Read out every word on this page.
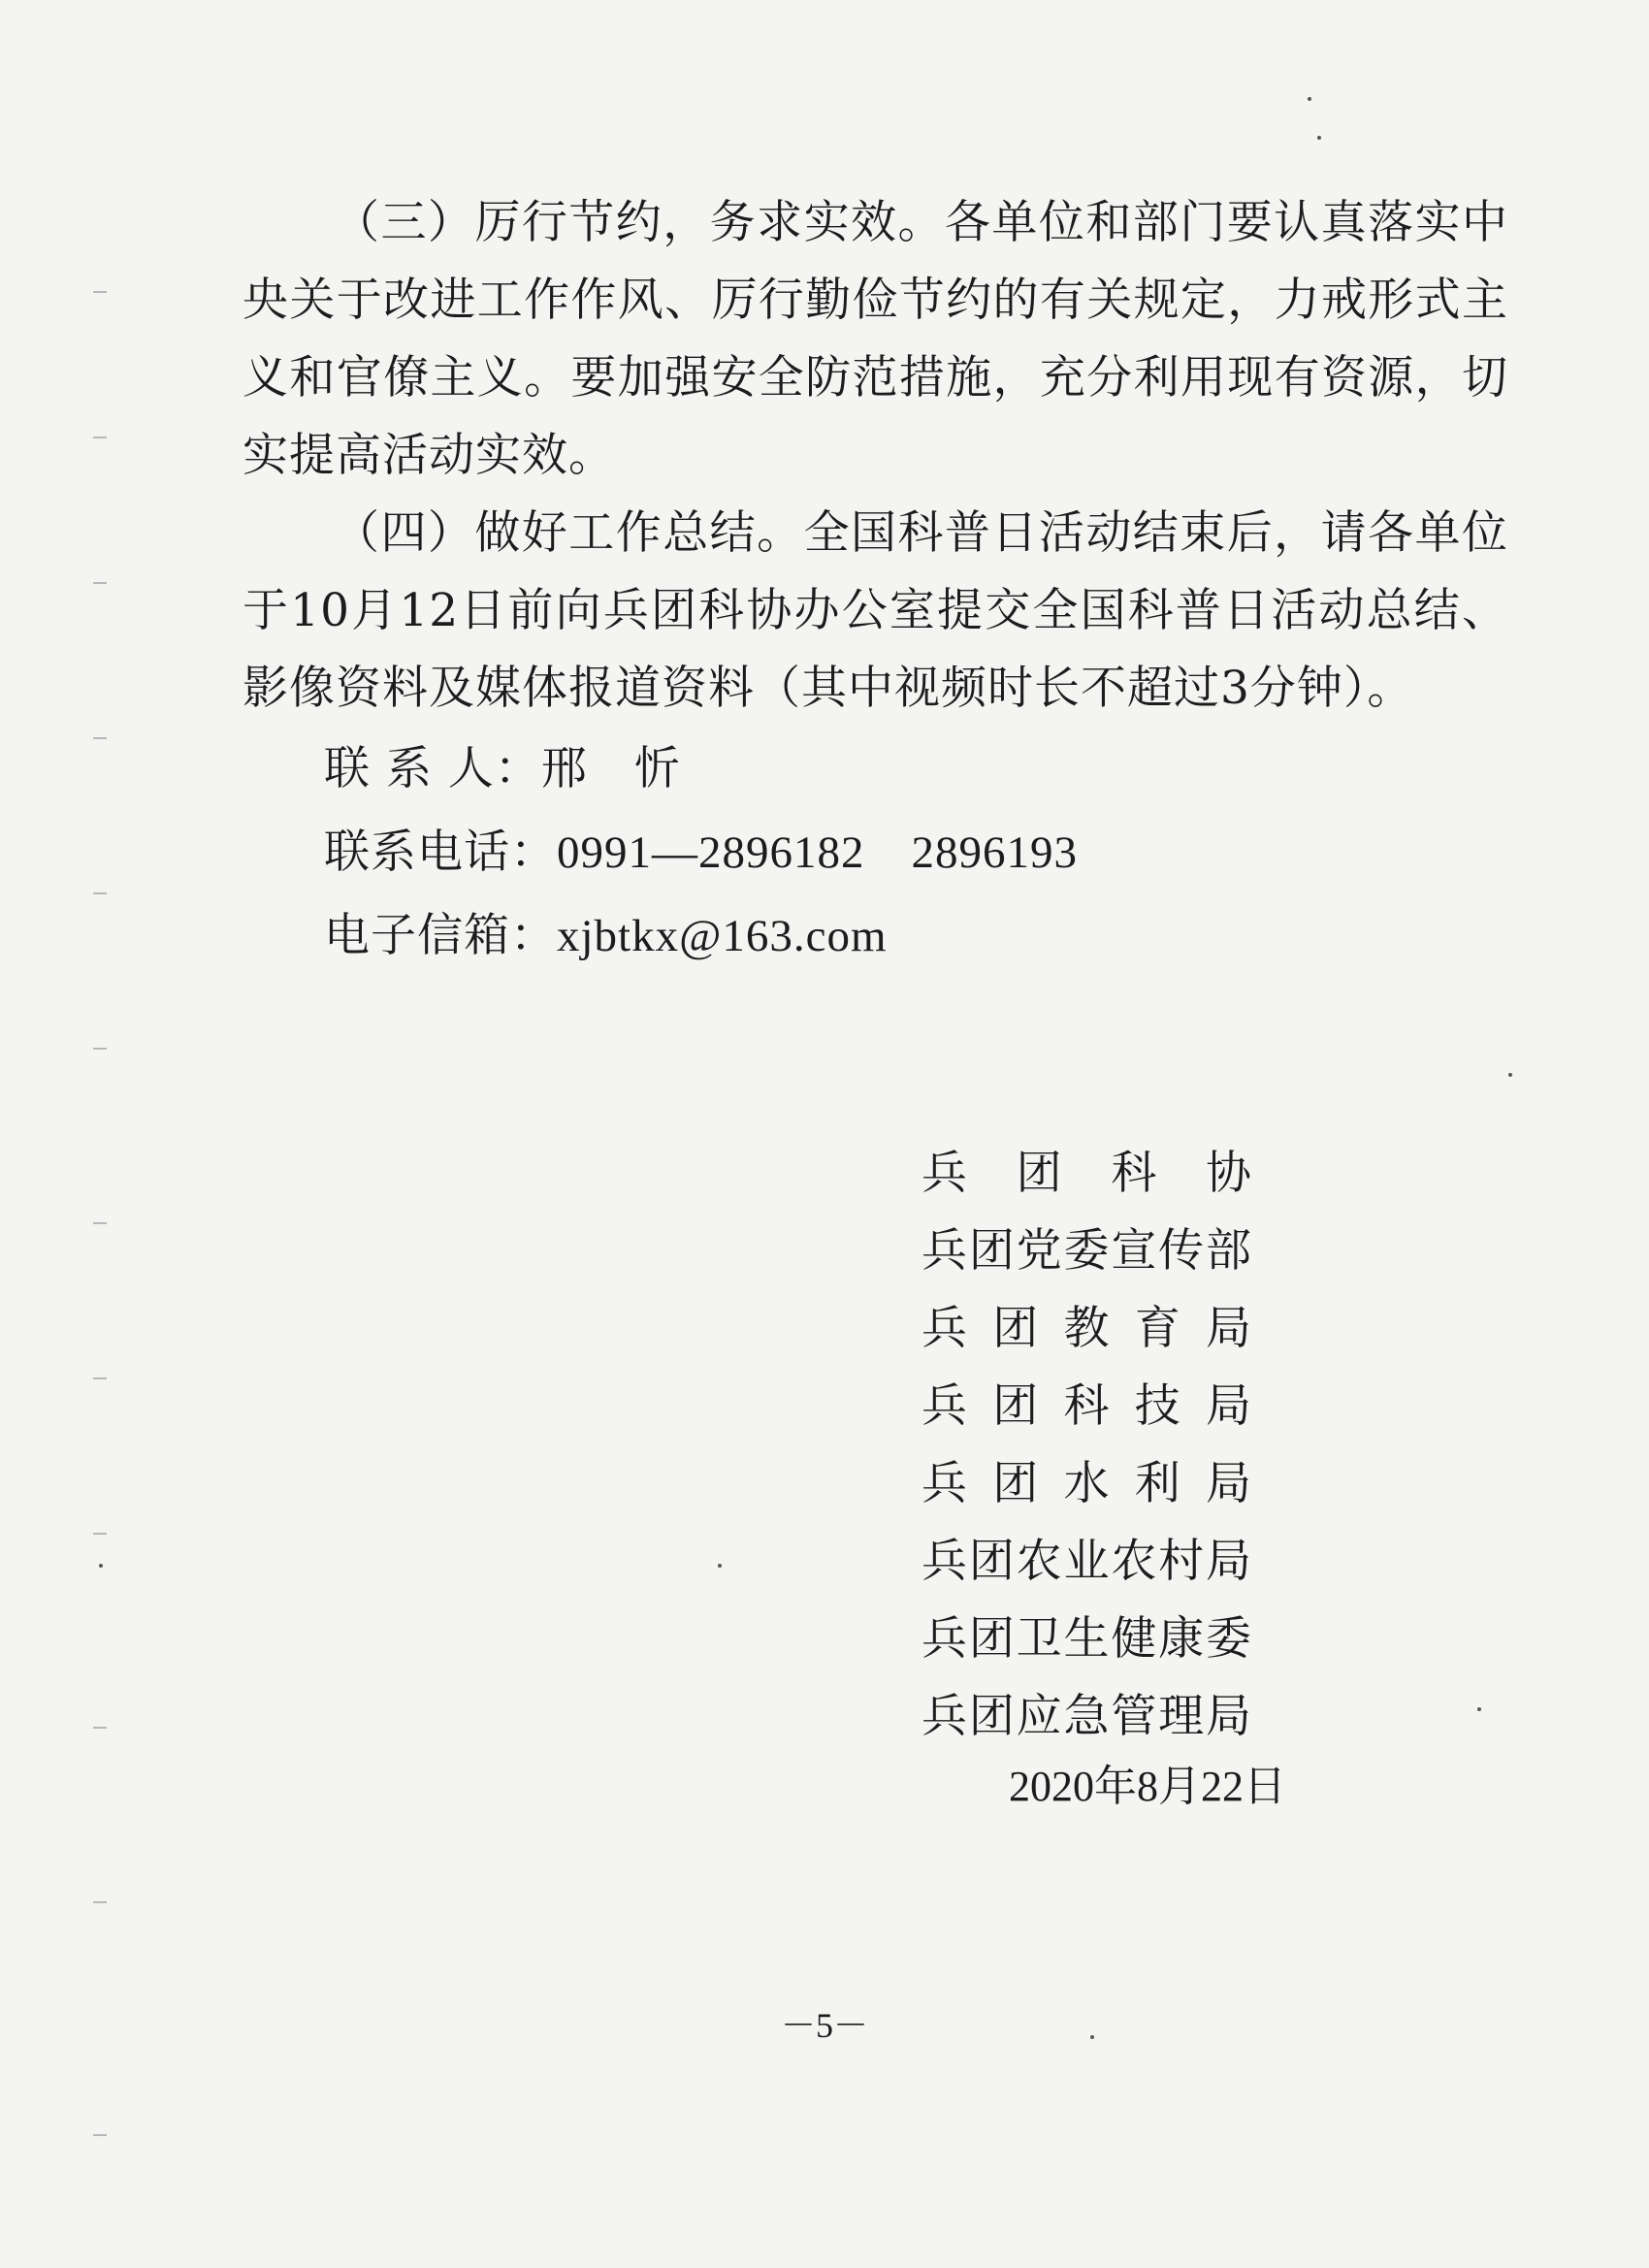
（三）厉行节约，务求实效。各单位和部门要认真落实中央关于改进工作作风、厉行勤俭节约的有关规定，力戒形式主义和官僚主义。要加强安全防范措施，充分利用现有资源，切实提高活动实效。

（四）做好工作总结。全国科普日活动结束后，请各单位于10月12日前向兵团科协办公室提交全国科普日活动总结、影像资料及媒体报道资料（其中视频时长不超过3分钟）。

联 系 人：邢　忻

联系电话：0991—2896182　2896193

电子信箱：xjbtkx@163.com

兵 团 科 协
兵 团 党 委 宣 传 部
兵 团 教 育 局
兵 团 科 技 局
兵 团 水 利 局
兵 团 农 业 农 村 局
兵 团 卫 生 健 康 委
兵 团 应 急 管 理 局
2020年8月22日
－5－
